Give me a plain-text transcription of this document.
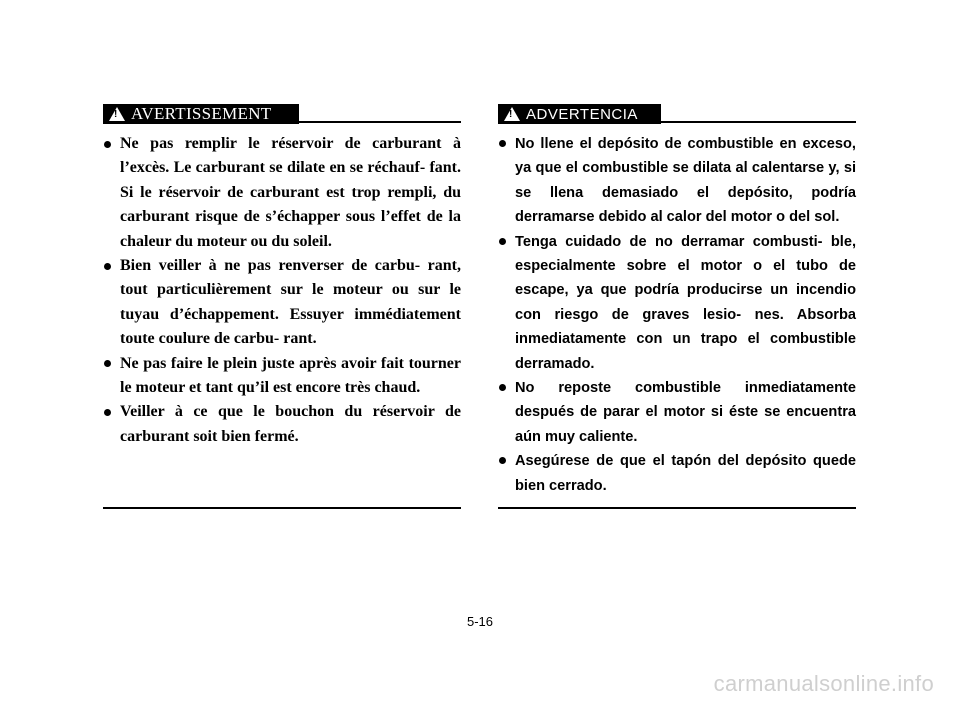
!
AVERTISSEMENT
Ne pas remplir le réservoir de carburant à l’excès. Le carburant se dilate en se réchauf- fant. Si le réservoir de carburant est trop rempli, du carburant risque de s’échapper sous l’effet de la chaleur du moteur ou du soleil.
Bien veiller à ne pas renverser de carbu- rant, tout particulièrement sur le moteur ou sur le tuyau d’échappement. Essuyer immédiatement toute coulure de carbu- rant.
Ne pas faire le plein juste après avoir fait tourner le moteur et tant qu’il est encore très chaud.
Veiller à ce que le bouchon du réservoir de carburant soit bien fermé.
!
ADVERTENCIA
No llene el depósito de combustible en exceso, ya que el combustible se dilata al calentarse y, si se llena demasiado el depósito, podría derramarse debido al calor del motor o del sol.
Tenga cuidado de no derramar combusti- ble, especialmente sobre el motor o el tubo de escape, ya que podría producirse un incendio con riesgo de graves lesio- nes. Absorba inmediatamente con un trapo el combustible derramado.
No reposte combustible inmediatamente después de parar el motor si éste se encuentra aún muy caliente.
Asegúrese de que el tapón del depósito quede bien cerrado.
5-16
carmanualsonline.info
